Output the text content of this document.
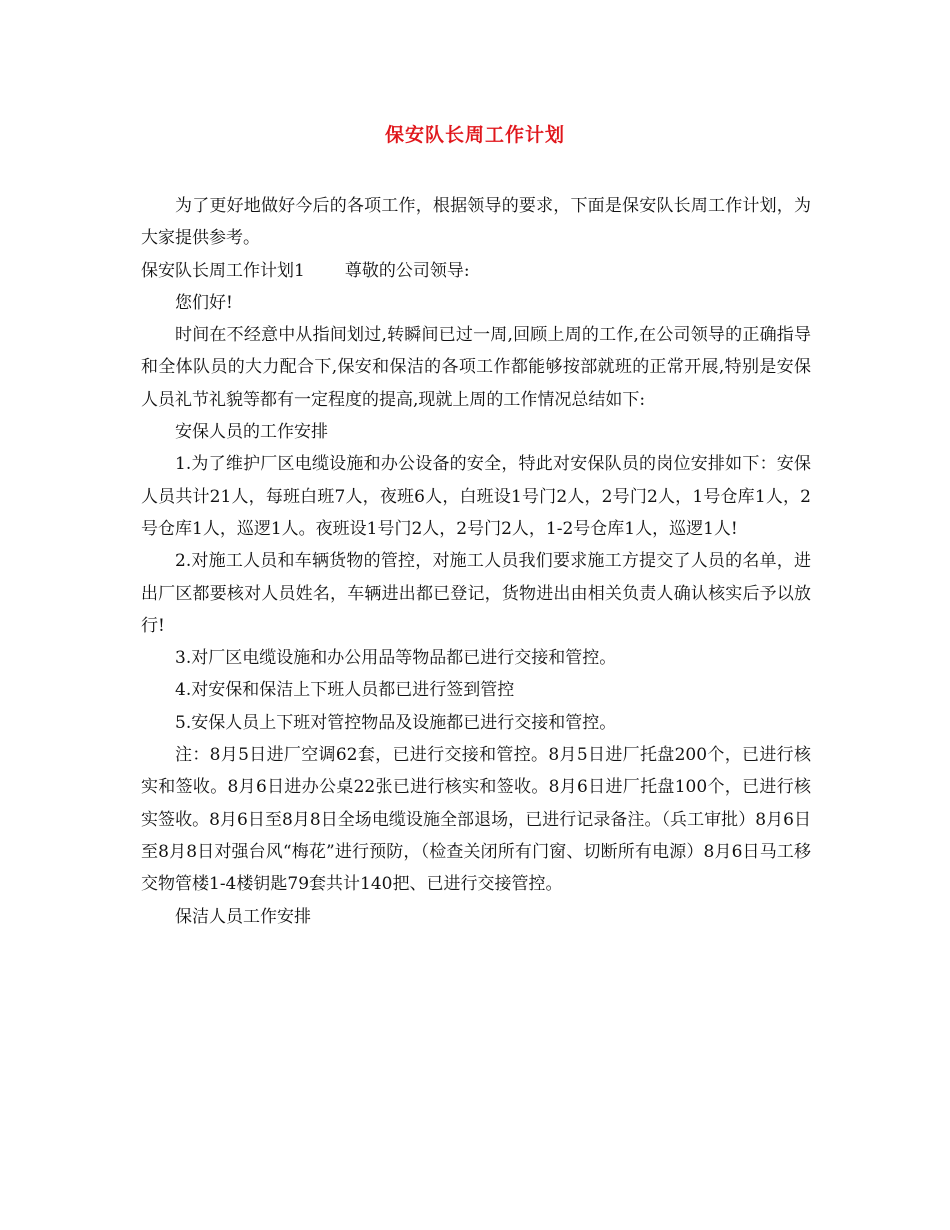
保安队长周工作计划

为了更好地做好今后的各项工作，根据领导的要求，下面是保安队长周工作计划，为大家提供参考。

保安队长周工作计划1 尊敬的公司领导:

您们好!

时间在不经意中从指间划过,转瞬间已过一周,回顾上周的工作,在公司领导的正确指导和全体队员的大力配合下,保安和保洁的各项工作都能够按部就班的正常开展,特别是安保人员礼节礼貌等都有一定程度的提高,现就上周的工作情况总结如下:

安保人员的工作安排

1.为了维护厂区电缆设施和办公设备的安全，特此对安保队员的岗位安排如下：安保人员共计21人，每班白班7人，夜班6人，白班设1号门2人，2号门2人，1号仓库1人，2号仓库1人，巡逻1人。夜班设1号门2人，2号门2人，1-2号仓库1人，巡逻1人!

2.对施工人员和车辆货物的管控，对施工人员我们要求施工方提交了人员的名单，进出厂区都要核对人员姓名，车辆进出都已登记，货物进出由相关负责人确认核实后予以放行!

3.对厂区电缆设施和办公用品等物品都已进行交接和管控。

4.对安保和保洁上下班人员都已进行签到管控

5.安保人员上下班对管控物品及设施都已进行交接和管控。

注：8月5日进厂空调62套，已进行交接和管控。8月5日进厂托盘200个，已进行核实和签收。8月6日进办公桌22张已进行核实和签收。8月6日进厂托盘100个，已进行核实签收。8月6日至8月8日全场电缆设施全部退场，已进行记录备注。（兵工审批）8月6日至8月8日对强台风“梅花”进行预防，（检查关闭所有门窗、切断所有电源）8月6日马工移交物管楼1-4楼钥匙79套共计140把、已进行交接管控。

保洁人员工作安排
